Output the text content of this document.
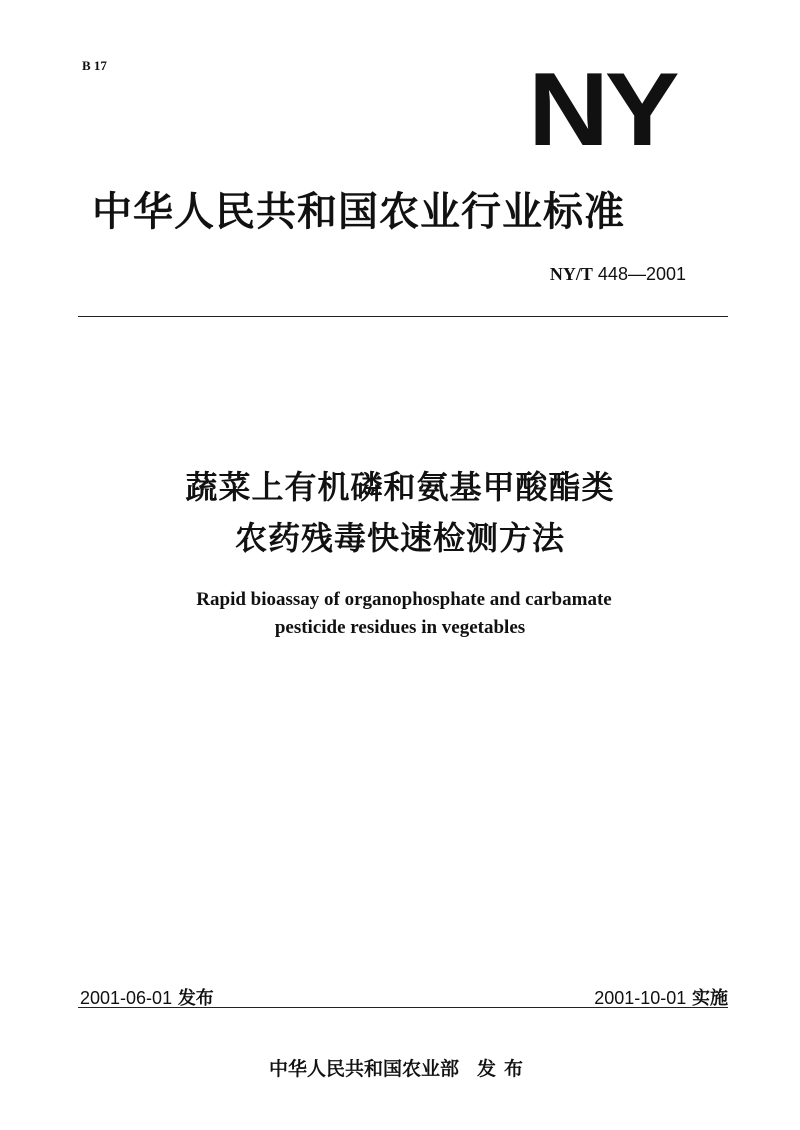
B 17	NY
中华人民共和国农业行业标准
NY/T 448—2001
蔬菜上有机磷和氨基甲酸酯类
农药残毒快速检测方法
Rapid bioassay of organophosphate and carbamate
pesticide residues in vegetables
2001-06-01 发布	2001-10-01 实施
中华人民共和国农业部 发布
